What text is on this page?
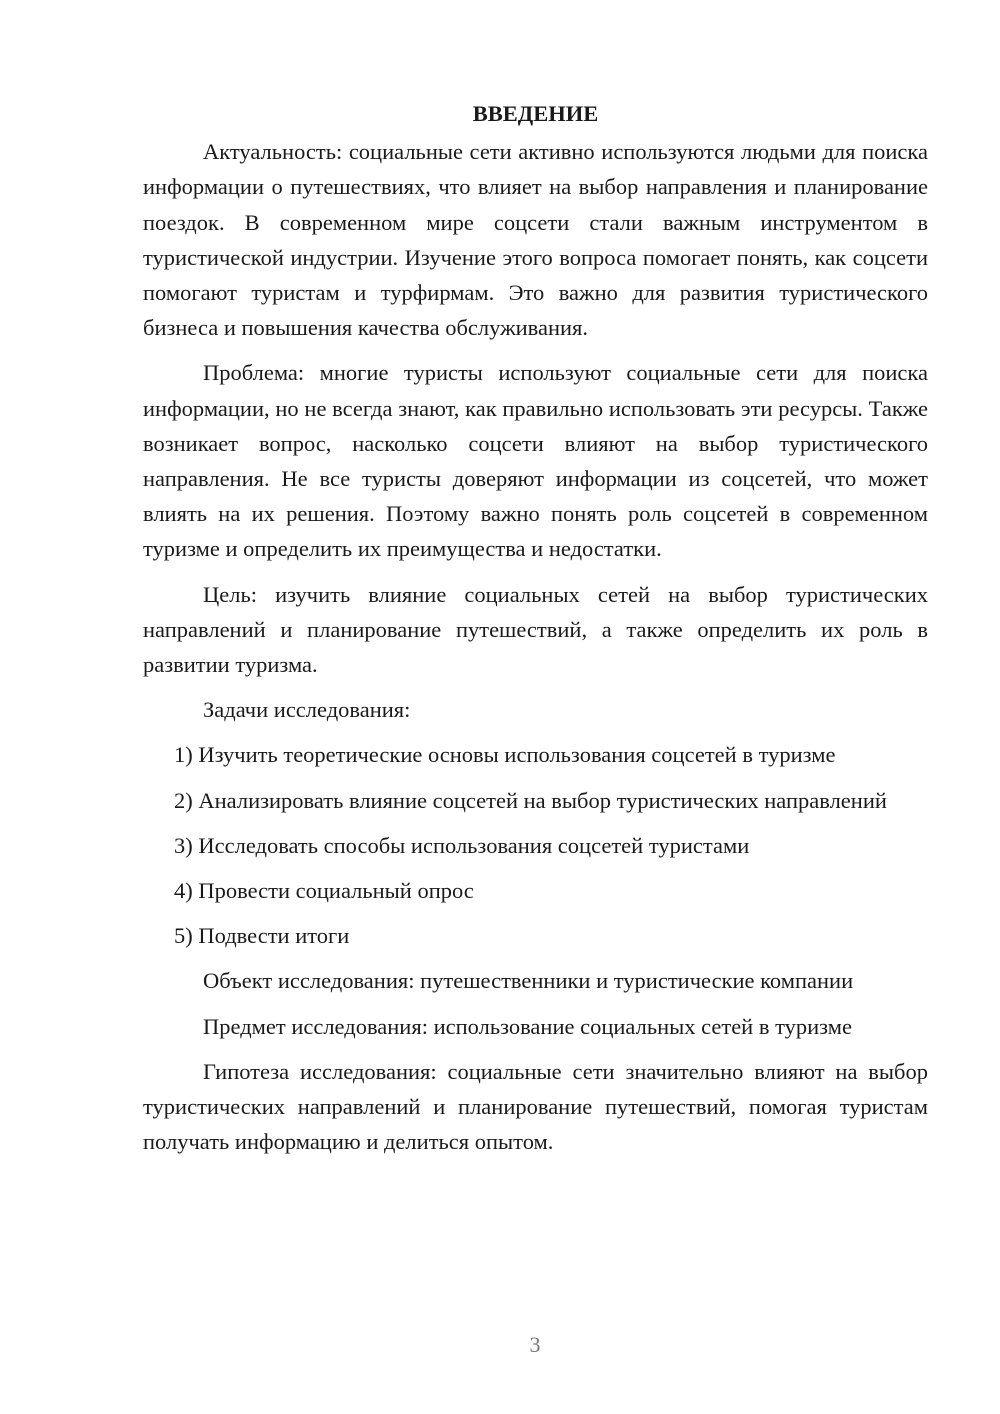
ВВЕДЕНИЕ

Актуальность: социальные сети активно используются людьми для поиска информации о путешествиях, что влияет на выбор направления и планирование поездок. В современном мире соцсети стали важным инструментом в туристической индустрии. Изучение этого вопроса помогает понять, как соцсети помогают туристам и турфирмам. Это важно для развития туристического бизнеса и повышения качества обслуживания.

Проблема: многие туристы используют социальные сети для поиска информации, но не всегда знают, как правильно использовать эти ресурсы. Также возникает вопрос, насколько соцсети влияют на выбор туристического направления. Не все туристы доверяют информации из соцсетей, что может влиять на их решения. Поэтому важно понять роль соцсетей в современном туризме и определить их преимущества и недостатки.

Цель: изучить влияние социальных сетей на выбор туристических направлений и планирование путешествий, а также определить их роль в развитии туризма.

Задачи исследования:

1) Изучить теоретические основы использования соцсетей в туризме

2) Анализировать влияние соцсетей на выбор туристических направлений

3) Исследовать способы использования соцсетей туристами

4) Провести социальный опрос

5) Подвести итоги

Объект исследования: путешественники и туристические компании

Предмет исследования: использование социальных сетей в туризме

Гипотеза исследования: социальные сети значительно влияют на выбор туристических направлений и планирование путешествий, помогая туристам получать информацию и делиться опытом.

3
